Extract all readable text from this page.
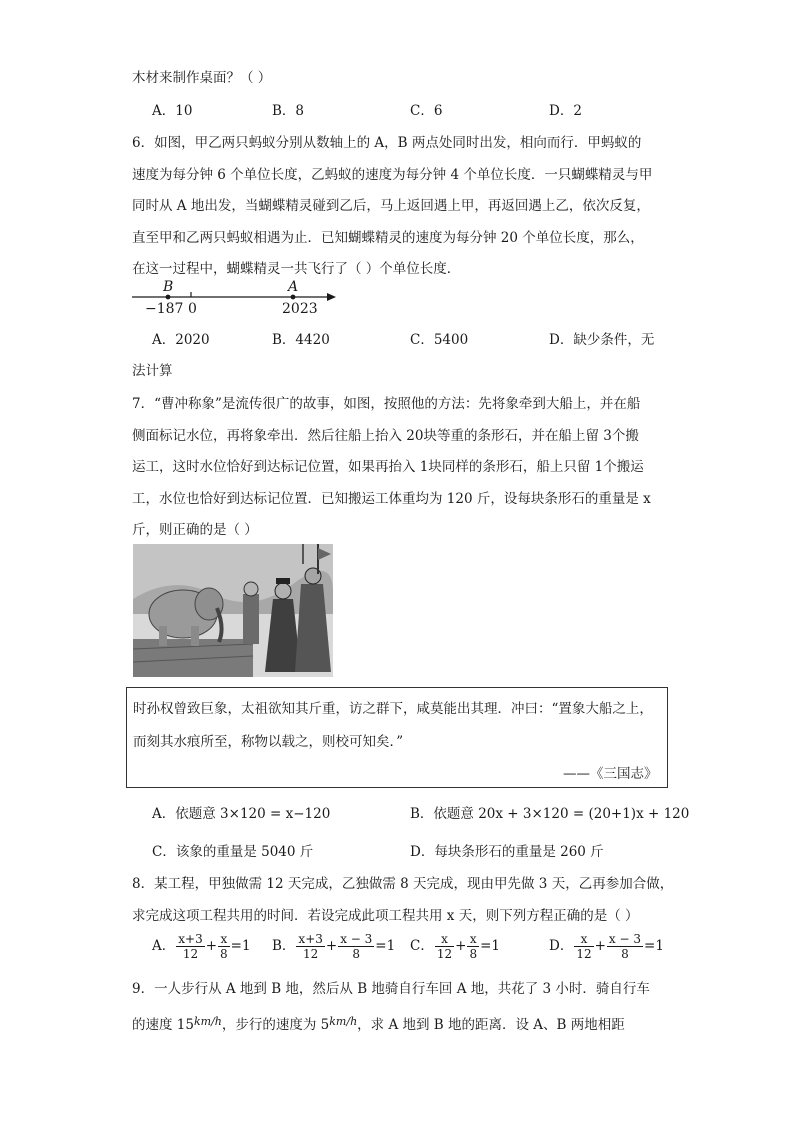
木材来制作桌面？（ ）
A．10	B．8	C．6	D．2
6．如图，甲乙两只蚂蚁分别从数轴上的 A，B 两点处同时出发，相向而行．甲蚂蚁的
速度为每分钟 6 个单位长度，乙蚂蚁的速度为每分钟 4 个单位长度．一只蝴蝶精灵与甲
同时从 A 地出发，当蝴蝶精灵碰到乙后，马上返回遇上甲，再返回遇上乙，依次反复，
直至甲和乙两只蚂蚁相遇为止．已知蝴蝶精灵的速度为每分钟 20 个单位长度，那么，
在这一过程中，蝴蝶精灵一共飞行了（ ）个单位长度．
B	A
−187 0	2023
A．2020	B．4420	C．5400	D．缺少条件，无
法计算
7．“曹冲称象”是流传很广的故事，如图，按照他的方法：先将象牵到大船上，并在船
侧面标记水位，再将象牵出．然后往船上抬入 20块等重的条形石，并在船上留 3个搬
运工，这时水位恰好到达标记位置，如果再抬入 1块同样的条形石，船上只留 1个搬运
工，水位也恰好到达标记位置．已知搬运工体重均为 120 斤，设每块条形石的重量是 x
斤，则正确的是（ ）
时孙权曾致巨象，太祖欲知其斤重，访之群下，咸莫能出其理．冲曰：“置象大船之上，
而刻其水痕所至，称物以载之，则校可知矣．”
——《三国志》
A．依题意 3×120 = x−120	B．依题意 20x + 3×120 = (20+1)x + 120
C．该象的重量是 5040 斤	D．每块条形石的重量是 260 斤
8．某工程，甲独做需 12 天完成，乙独做需 8 天完成，现由甲先做 3 天，乙再参加合做，
求完成这项工程共用的时间．若设完成此项工程共用 x 天，则下列方程正确的是（ ）
A． $\frac{x+3}{12} + \frac{x}{8} =1$ B． $\frac{x+3}{12} + \frac{x - 3}{8} =1$ C． $\frac{x}{12} + \frac{x}{8} =1$	D． $\frac{x}{12} + \frac{x - 3}{8} =1$
9．一人步行从 A 地到 B 地，然后从 B 地骑自行车回 A 地，共花了 3 小时．骑自行车
的速度 $15^{km/h}$，步行的速度为 $5^{km/h}$，求 A 地到 B 地的距离．设 A、B 两地相距
